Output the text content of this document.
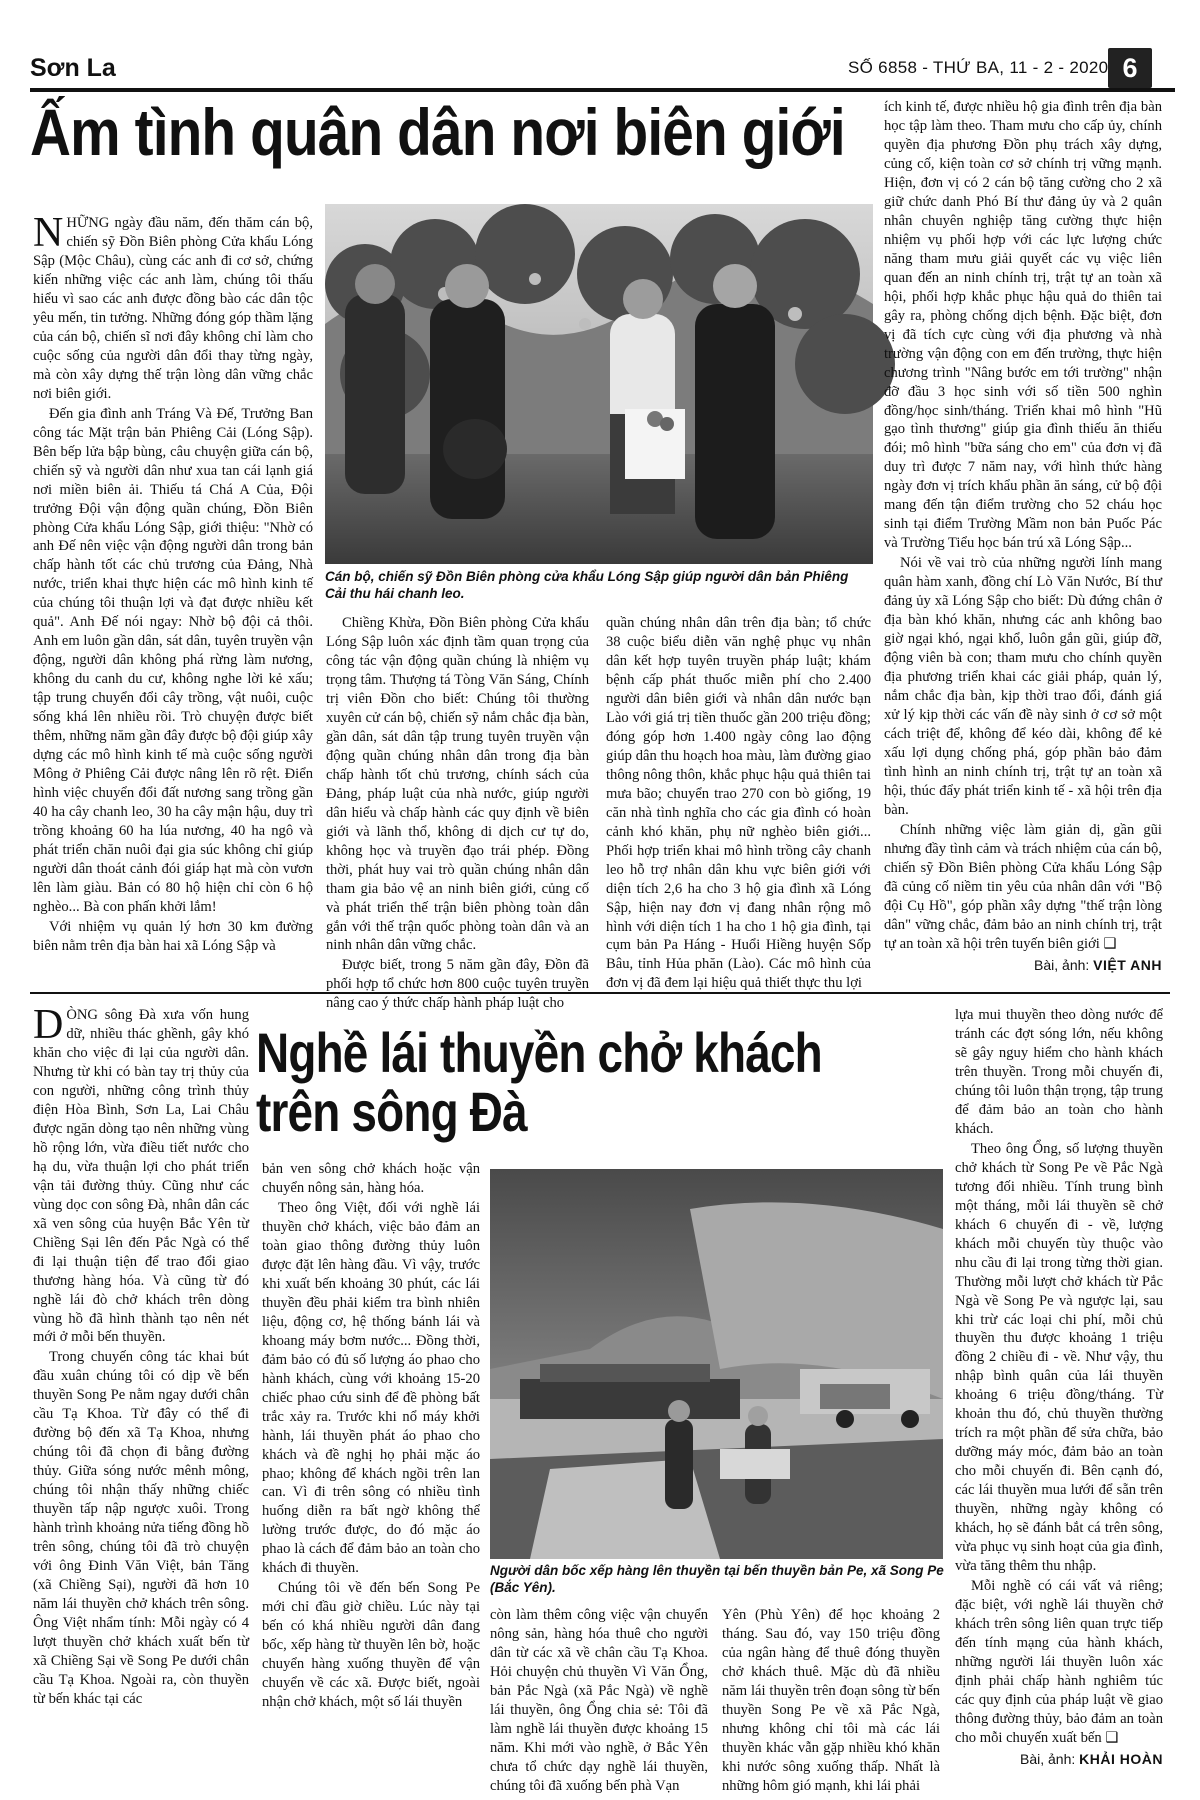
Sơn La	SỐ 6858 - THỨ BA, 11 - 2 - 2020 6
Ấm tình quân dân nơi biên giới

NHỮNG ngày đầu năm, đến thăm cán bộ, chiến sỹ Đồn Biên phòng Cửa khẩu Lóng Sập (Mộc Châu), cùng các anh đi cơ sở, chứng kiến những việc các anh làm, chúng tôi thấu hiểu vì sao các anh được đồng bào các dân tộc yêu mến, tin tưởng. Những đóng góp thầm lặng của cán bộ, chiến sĩ nơi đây không chỉ làm cho cuộc sống của người dân đổi thay từng ngày, mà còn xây dựng thế trận lòng dân vững chắc nơi biên giới.

Đến gia đình anh Tráng Và Đế, Trưởng Ban công tác Mặt trận bản Phiêng Cải (Lóng Sập). Bên bếp lửa bập bùng, câu chuyện giữa cán bộ, chiến sỹ và người dân như xua tan cái lạnh giá nơi miền biên ải. Thiếu tá Chá A Của, Đội trưởng Đội vận động quần chúng, Đồn Biên phòng Cửa khẩu Lóng Sập, giới thiệu: "Nhờ có anh Đế nên việc vận động người dân trong bản chấp hành tốt các chủ trương của Đảng, Nhà nước, triển khai thực hiện các mô hình kinh tế của chúng tôi thuận lợi và đạt được nhiều kết quả". Anh Đế nói ngay: Nhờ bộ đội cả thôi. Anh em luôn gần dân, sát dân, tuyên truyền vận động, người dân không phá rừng làm nương, không du canh du cư, không nghe lời kẻ xấu; tập trung chuyển đổi cây trồng, vật nuôi, cuộc sống khá lên nhiều rồi. Trò chuyện được biết thêm, những năm gần đây được bộ đội giúp xây dựng các mô hình kinh tế mà cuộc sống người Mông ở Phiêng Cải được nâng lên rõ rệt. Điển hình việc chuyển đổi đất nương sang trồng gần 40 ha cây chanh leo, 30 ha cây mận hậu, duy trì trồng khoảng 60 ha lúa nương, 40 ha ngô và phát triển chăn nuôi đại gia súc không chỉ giúp người dân thoát cảnh đói giáp hạt mà còn vươn lên làm giàu. Bản có 80 hộ hiện chỉ còn 6 hộ nghèo... Bà con phấn khởi lắm!

Với nhiệm vụ quản lý hơn 30 km đường biên nằm trên địa bàn hai xã Lóng Sập và

Cán bộ, chiến sỹ Đồn Biên phòng cửa khẩu Lóng Sập giúp người dân bản Phiêng Cải thu hái chanh leo.

Chiềng Khừa, Đồn Biên phòng Cửa khẩu Lóng Sập luôn xác định tầm quan trọng của công tác vận động quần chúng là nhiệm vụ trọng tâm. Thượng tá Tòng Văn Sáng, Chính trị viên Đồn cho biết: Chúng tôi thường xuyên cử cán bộ, chiến sỹ nắm chắc địa bàn, gần dân, sát dân tập trung tuyên truyền vận động quần chúng nhân dân trong địa bàn chấp hành tốt chủ trương, chính sách của Đảng, pháp luật của nhà nước, giúp người dân hiểu và chấp hành các quy định về biên giới và lãnh thổ, không di dịch cư tự do, không học và truyền đạo trái phép. Đồng thời, phát huy vai trò quần chúng nhân dân tham gia bảo vệ an ninh biên giới, củng cố và phát triển thế trận biên phòng toàn dân gắn với thế trận quốc phòng toàn dân và an ninh nhân dân vững chắc.

Được biết, trong 5 năm gần đây, Đồn đã phối hợp tổ chức hơn 800 cuộc tuyên truyền nâng cao ý thức chấp hành pháp luật cho

quần chúng nhân dân trên địa bàn; tổ chức 38 cuộc biểu diễn văn nghệ phục vụ nhân dân kết hợp tuyên truyền pháp luật; khám bệnh cấp phát thuốc miễn phí cho 2.400 người dân biên giới và nhân dân nước bạn Lào với giá trị tiền thuốc gần 200 triệu đồng; đóng góp hơn 1.400 ngày công lao động giúp dân thu hoạch hoa màu, làm đường giao thông nông thôn, khắc phục hậu quả thiên tai mưa bão; chuyển trao 270 con bò giống, 19 căn nhà tình nghĩa cho các gia đình có hoàn cảnh khó khăn, phụ nữ nghèo biên giới... Phối hợp triển khai mô hình trồng cây chanh leo hỗ trợ nhân dân khu vực biên giới với diện tích 2,6 ha cho 3 hộ gia đình xã Lóng Sập, hiện nay đơn vị đang nhân rộng mô hình với diện tích 1 ha cho 1 hộ gia đình, tại cụm bản Pa Háng - Huổi Hiềng huyện Sốp Bâu, tỉnh Hủa phăn (Lào). Các mô hình của đơn vị đã đem lại hiệu quả thiết thực thu lợi

ích kinh tế, được nhiều hộ gia đình trên địa bàn học tập làm theo. Tham mưu cho cấp ủy, chính quyền địa phương Đồn phụ trách xây dựng, củng cố, kiện toàn cơ sở chính trị vững mạnh. Hiện, đơn vị có 2 cán bộ tăng cường cho 2 xã giữ chức danh Phó Bí thư đảng ủy và 2 quân nhân chuyên nghiệp tăng cường thực hiện nhiệm vụ phối hợp với các lực lượng chức năng tham mưu giải quyết các vụ việc liên quan đến an ninh chính trị, trật tự an toàn xã hội, phối hợp khắc phục hậu quả do thiên tai gây ra, phòng chống dịch bệnh. Đặc biệt, đơn vị đã tích cực cùng với địa phương và nhà trường vận động con em đến trường, thực hiện chương trình "Nâng bước em tới trường" nhận đỡ đầu 3 học sinh với số tiền 500 nghìn đồng/học sinh/tháng. Triển khai mô hình "Hũ gạo tình thương" giúp gia đình thiếu ăn thiếu đói; mô hình "bữa sáng cho em" của đơn vị đã duy trì được 7 năm nay, với hình thức hàng ngày đơn vị trích khẩu phần ăn sáng, cử bộ đội mang đến tận điểm trường cho 52 cháu học sinh tại điểm Trường Mầm non bản Puốc Pác và Trường Tiểu học bán trú xã Lóng Sập...

Nói về vai trò của những người lính mang quân hàm xanh, đồng chí Lò Văn Nước, Bí thư đảng ủy xã Lóng Sập cho biết: Dù đứng chân ở địa bàn khó khăn, nhưng các anh không bao giờ ngại khó, ngại khổ, luôn gắn gũi, giúp đỡ, động viên bà con; tham mưu cho chính quyền địa phương triển khai các giải pháp, quản lý, nắm chắc địa bàn, kịp thời trao đổi, đánh giá xử lý kịp thời các vấn đề này sinh ở cơ sở một cách triệt để, không để kéo dài, không để kẻ xấu lợi dụng chống phá, góp phần bảo đảm tình hình an ninh chính trị, trật tự an toàn xã hội, thúc đẩy phát triển kinh tế - xã hội trên địa bàn.

Chính những việc làm giản dị, gần gũi nhưng đầy tình cảm và trách nhiệm của cán bộ, chiến sỹ Đồn Biên phòng Cửa khẩu Lóng Sập đã củng cố niềm tin yêu của nhân dân với "Bộ đội Cụ Hồ", góp phần xây dựng "thế trận lòng dân" vững chắc, đảm bảo an ninh chính trị, trật tự an toàn xã hội trên tuyến biên giới ❑

Bài, ảnh: VIỆT ANH

DÒNG sông Đà xưa vốn hung dữ, nhiều thác ghềnh, gây khó khăn cho việc đi lại của người dân. Nhưng từ khi có bàn tay trị thủy của con người, những công trình thủy điện Hòa Bình, Sơn La, Lai Châu được ngăn dòng tạo nên những vùng hồ rộng lớn, vừa điều tiết nước cho hạ du, vừa thuận lợi cho phát triển vận tải đường thủy. Cũng như các vùng dọc con sông Đà, nhân dân các xã ven sông của huyện Bắc Yên từ Chiềng Sại lên đến Pắc Ngà có thể đi lại thuận tiện để trao đổi giao thương hàng hóa. Và cũng từ đó nghề lái đò chở khách trên dòng vùng hồ đã hình thành tạo nên nét mới ở mỗi bến thuyền.

Trong chuyến công tác khai bút đầu xuân chúng tôi có dịp về bến thuyền Song Pe nằm ngay dưới chân cầu Tạ Khoa. Từ đây có thể đi đường bộ đến xã Tạ Khoa, nhưng chúng tôi đã chọn đi bằng đường thủy. Giữa sóng nước mênh mông, chúng tôi nhận thấy những chiếc thuyền tấp nập ngược xuôi. Trong hành trình khoảng nửa tiếng đồng hồ trên sông, chúng tôi đã trò chuyện với ông Đinh Văn Việt, bản Tăng (xã Chiềng Sại), người đã hơn 10 năm lái thuyền chở khách trên sông. Ông Việt nhẩm tính: Mỗi ngày có 4 lượt thuyền chở khách xuất bến từ xã Chiềng Sại về Song Pe dưới chân cầu Tạ Khoa. Ngoài ra, còn thuyền từ bến khác tại các

Nghề lái thuyền chở khách trên sông Đà

bản ven sông chở khách hoặc vận chuyển nông sản, hàng hóa.

Theo ông Việt, đối với nghề lái thuyền chở khách, việc bảo đảm an toàn giao thông đường thủy luôn được đặt lên hàng đầu. Vì vậy, trước khi xuất bến khoảng 30 phút, các lái thuyền đều phải kiểm tra bình nhiên liệu, động cơ, hệ thống bánh lái và khoang máy bơm nước... Đồng thời, đảm bảo có đủ số lượng áo phao cho hành khách, cùng với khoảng 15-20 chiếc phao cứu sinh để đề phòng bất trắc xảy ra. Trước khi nổ máy khởi hành, lái thuyền phát áo phao cho khách và đề nghị họ phải mặc áo phao; không để khách ngồi trên lan can. Vì đi trên sông có nhiều tình huống diễn ra bất ngờ không thể lường trước được, do đó mặc áo phao là cách để đảm bảo an toàn cho khách đi thuyền.

Chúng tôi về đến bến Song Pe mới chỉ đầu giờ chiều. Lúc này tại bến có khá nhiều người dân đang bốc, xếp hàng từ thuyền lên bờ, hoặc chuyển hàng xuống thuyền để vận chuyển về các xã. Được biết, ngoài nhận chở khách, một số lái thuyền

Người dân bốc xếp hàng lên thuyền tại bến thuyền bản Pe, xã Song Pe (Bắc Yên).

còn làm thêm công việc vận chuyển nông sản, hàng hóa thuê cho người dân từ các xã về chân cầu Tạ Khoa. Hỏi chuyện chủ thuyền Vì Văn Ổng, bản Pắc Ngà (xã Pắc Ngà) về nghề lái thuyền, ông Ổng chia sẻ: Tôi đã làm nghề lái thuyền được khoảng 15 năm. Khi mới vào nghề, ở Bắc Yên chưa tổ chức dạy nghề lái thuyền, chúng tôi đã xuống bến phà Vạn

Yên (Phù Yên) để học khoảng 2 tháng. Sau đó, vay 150 triệu đồng của ngân hàng để thuê đóng thuyền chở khách thuê. Mặc dù đã nhiều năm lái thuyền trên đoạn sông từ bến thuyền Song Pe về xã Pắc Ngà, nhưng không chỉ tôi mà các lái thuyền khác vẫn gặp nhiều khó khăn khi nước sông xuống thấp. Nhất là những hôm gió mạnh, khi lái phải

lựa mui thuyền theo dòng nước để tránh các đợt sóng lớn, nếu không sẽ gây nguy hiểm cho hành khách trên thuyền. Trong mỗi chuyến đi, chúng tôi luôn thận trọng, tập trung để đảm bảo an toàn cho hành khách.

Theo ông Ổng, số lượng thuyền chở khách từ Song Pe về Pắc Ngà tương đối nhiều. Tính trung bình một tháng, mỗi lái thuyền sẽ chở khách 6 chuyến đi - về, lượng khách mỗi chuyến tùy thuộc vào nhu cầu đi lại trong từng thời gian. Thường mỗi lượt chở khách từ Pắc Ngà về Song Pe và ngược lại, sau khi trừ các loại chi phí, mỗi chủ thuyền thu được khoảng 1 triệu đồng 2 chiều đi - về. Như vậy, thu nhập bình quân của lái thuyền khoảng 6 triệu đồng/tháng. Từ khoản thu đó, chủ thuyền thường trích ra một phần để sửa chữa, bảo dưỡng máy móc, đảm bảo an toàn cho mỗi chuyến đi. Bên cạnh đó, các lái thuyền mua lưới để sẵn trên thuyền, những ngày không có khách, họ sẽ đánh bắt cá trên sông, vừa phục vụ sinh hoạt của gia đình, vừa tăng thêm thu nhập.

Mỗi nghề có cái vất vả riêng; đặc biệt, với nghề lái thuyền chở khách trên sông liên quan trực tiếp đến tính mạng của hành khách, những người lái thuyền luôn xác định phải chấp hành nghiêm túc các quy định của pháp luật về giao thông đường thủy, bảo đảm an toàn cho mỗi chuyến xuất bến ❑

Bài, ảnh: KHẢI HOÀN
